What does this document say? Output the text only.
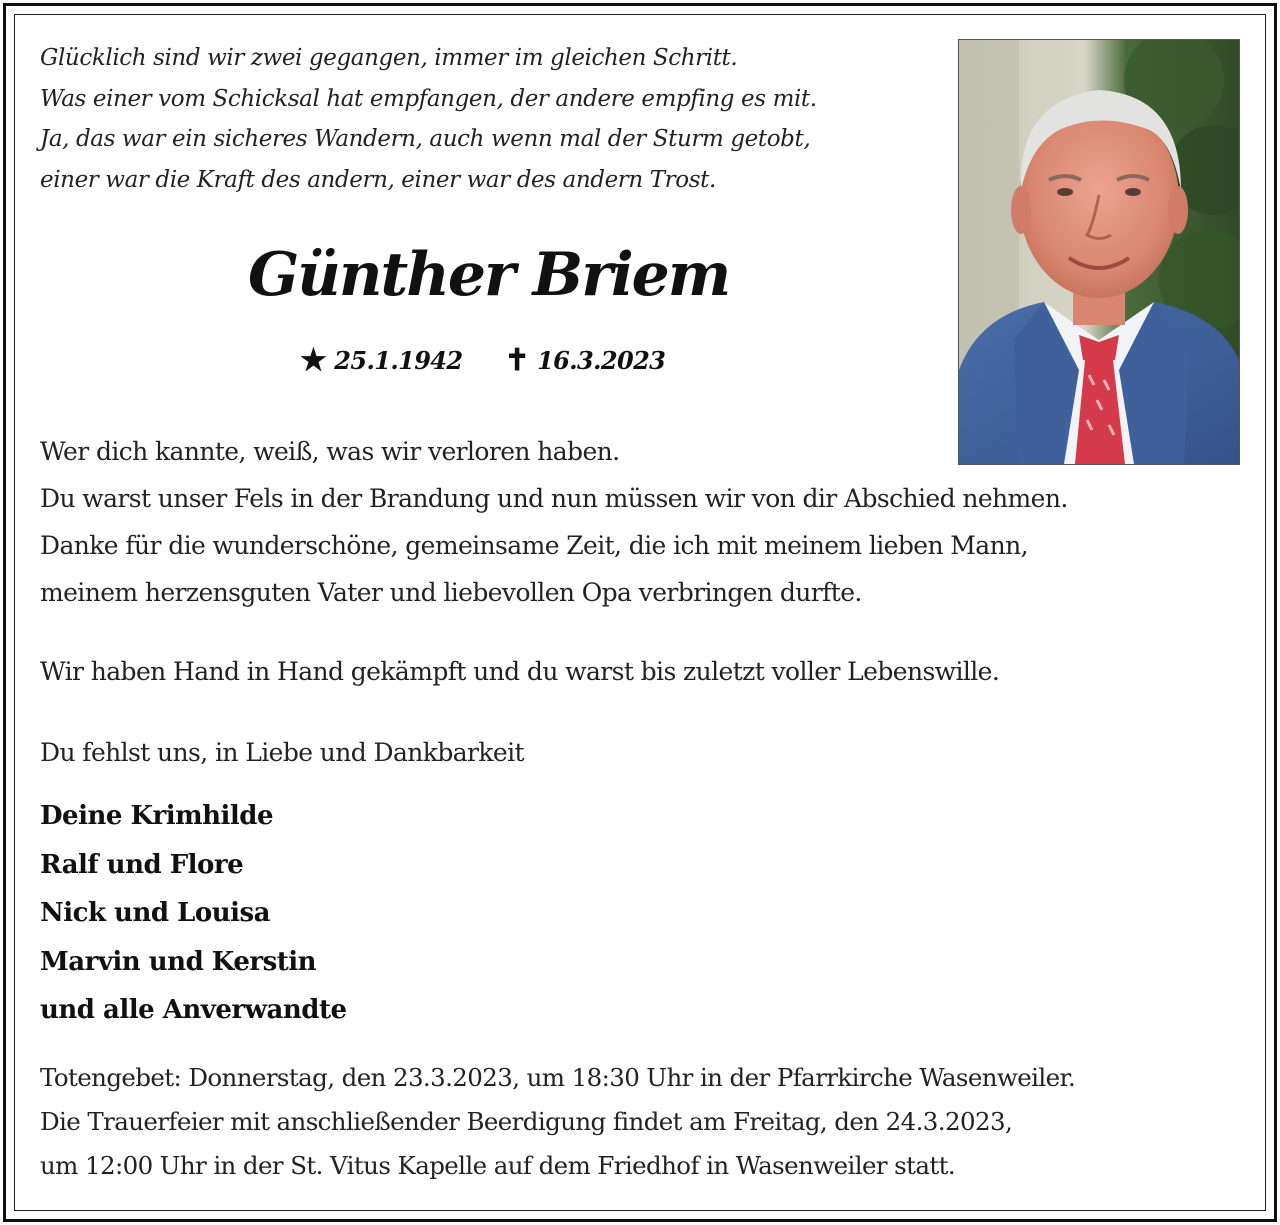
Glücklich sind wir zwei gegangen, immer im gleichen Schritt.
Was einer vom Schicksal hat empfangen, der andere empfing es mit.
Ja, das war ein sicheres Wandern, auch wenn mal der Sturm getobt,
einer war die Kraft des andern, einer war des andern Trost.
Günther Briem
★ 25.1.1942 ✝ 16.3.2023
Wer dich kannte, weiß, was wir verloren haben.
Du warst unser Fels in der Brandung und nun müssen wir von dir Abschied nehmen.
Danke für die wunderschöne, gemeinsame Zeit, die ich mit meinem lieben Mann,
meinem herzensguten Vater und liebevollen Opa verbringen durfte.
Wir haben Hand in Hand gekämpft und du warst bis zuletzt voller Lebenswille.
Du fehlst uns, in Liebe und Dankbarkeit
Deine Krimhilde
Ralf und Flore
Nick und Louisa
Marvin und Kerstin
und alle Anverwandte
Totengebet: Donnerstag, den 23.3.2023, um 18:30 Uhr in der Pfarrkirche Wasenweiler.
Die Trauerfeier mit anschließender Beerdigung findet am Freitag, den 24.3.2023,
um 12:00 Uhr in der St. Vitus Kapelle auf dem Friedhof in Wasenweiler statt.
